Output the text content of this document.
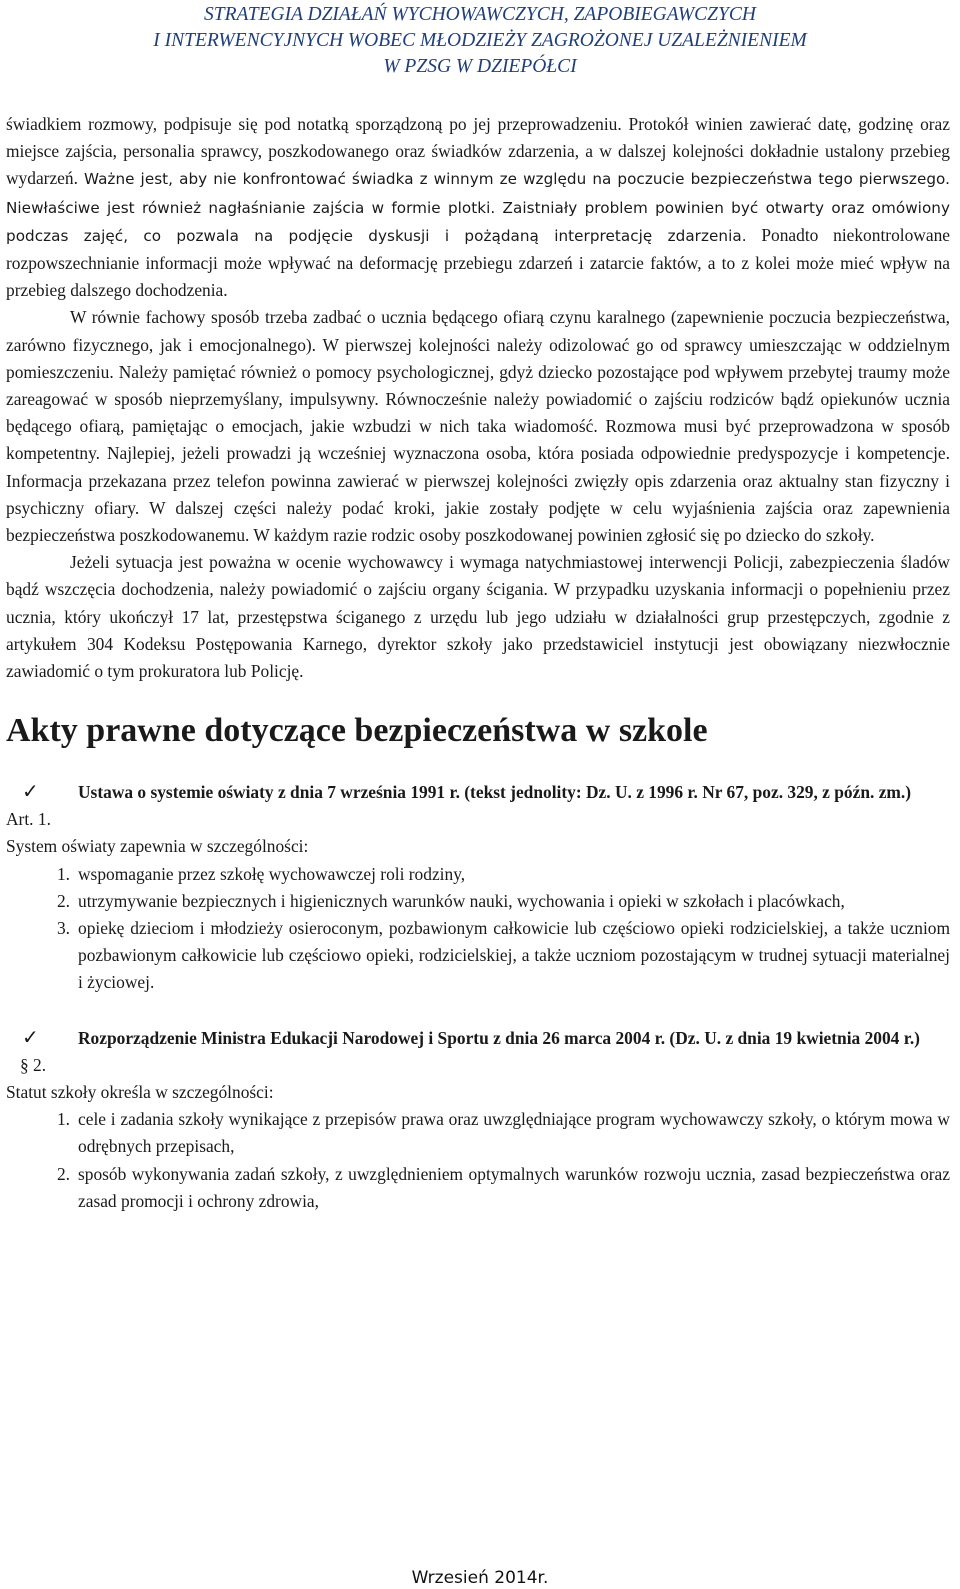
STRATEGIA DZIAŁAŃ WYCHOWAWCZYCH, ZAPOBIEGAWCZYCH
I INTERWENCYJNYCH WOBEC MŁODZIEŻY ZAGROŻONEJ UZALEŻNIENIEM
W PZSG W DZIEPÓŁCI

świadkiem rozmowy, podpisuje się pod notatką sporządzoną po jej przeprowadzeniu. Protokół winien zawierać datę, godzinę oraz miejsce zajścia, personalia sprawcy, poszkodowanego oraz świadków zdarzenia, a w dalszej kolejności dokładnie ustalony przebieg wydarzeń. Ważne jest, aby nie konfrontować świadka z winnym ze względu na poczucie bezpieczeństwa tego pierwszego. Niewłaściwe jest również nagłaśnianie zajścia w formie plotki. Zaistniały problem powinien być otwarty oraz omówiony podczas zajęć, co pozwala na podjęcie dyskusji i pożądaną interpretację zdarzenia. Ponadto niekontrolowane rozpowszechnianie informacji może wpływać na deformację przebiegu zdarzeń i zatarcie faktów, a to z kolei może mieć wpływ na przebieg dalszego dochodzenia.

W równie fachowy sposób trzeba zadbać o ucznia będącego ofiarą czynu karalnego (zapewnienie poczucia bezpieczeństwa, zarówno fizycznego, jak i emocjonalnego). W pierwszej kolejności należy odizolować go od sprawcy umieszczając w oddzielnym pomieszczeniu. Należy pamiętać również o pomocy psychologicznej, gdyż dziecko pozostające pod wpływem przebytej traumy może zareagować w sposób nieprzemyślany, impulsywny. Równocześnie należy powiadomić o zajściu rodziców bądź opiekunów ucznia będącego ofiarą, pamiętając o emocjach, jakie wzbudzi w nich taka wiadomość. Rozmowa musi być przeprowadzona w sposób kompetentny. Najlepiej, jeżeli prowadzi ją wcześniej wyznaczona osoba, która posiada odpowiednie predyspozycje i kompetencje. Informacja przekazana przez telefon powinna zawierać w pierwszej kolejności zwięzły opis zdarzenia oraz aktualny stan fizyczny i psychiczny ofiary. W dalszej części należy podać kroki, jakie zostały podjęte w celu wyjaśnienia zajścia oraz zapewnienia bezpieczeństwa poszkodowanemu. W każdym razie rodzic osoby poszkodowanej powinien zgłosić się po dziecko do szkoły.

Jeżeli sytuacja jest poważna w ocenie wychowawcy i wymaga natychmiastowej interwencji Policji, zabezpieczenia śladów bądź wszczęcia dochodzenia, należy powiadomić o zajściu organy ścigania. W przypadku uzyskania informacji o popełnieniu przez ucznia, który ukończył 17 lat, przestępstwa ściganego z urzędu lub jego udziału w działalności grup przestępczych, zgodnie z artykułem 304 Kodeksu Postępowania Karnego, dyrektor szkoły jako przedstawiciel instytucji jest obowiązany niezwłocznie zawiadomić o tym prokuratora lub Policję.

Akty prawne dotyczące bezpieczeństwa w szkole
✓	Ustawa o systemie oświaty z dnia 7 września 1991 r. (tekst jednolity: Dz. U. z 1996 r. Nr 67, poz. 329, z późn. zm.)

Art. 1.

System oświaty zapewnia w szczególności:

1. wspomaganie przez szkołę wychowawczej roli rodziny,
2. utrzymywanie bezpiecznych i higienicznych warunków nauki, wychowania i opieki w szkołach i placówkach,
3. opiekę dzieciom i młodzieży osieroconym, pozbawionym całkowicie lub częściowo opieki rodzicielskiej, a także uczniom pozbawionym całkowicie lub częściowo opieki, rodzicielskiej, a także uczniom pozostającym w trudnej sytuacji materialnej i życiowej.
✓	Rozporządzenie Ministra Edukacji Narodowej i Sportu z dnia 26 marca 2004 r. (Dz. U. z dnia 19 kwietnia 2004 r.)

§ 2.

Statut szkoły określa w szczególności:

1. cele i zadania szkoły wynikające z przepisów prawa oraz uwzględniające program wychowawczy szkoły, o którym mowa w odrębnych przepisach,
2. sposób wykonywania zadań szkoły, z uwzględnieniem optymalnych warunków rozwoju ucznia, zasad bezpieczeństwa oraz zasad promocji i ochrony zdrowia,
Wrzesień 2014r.
